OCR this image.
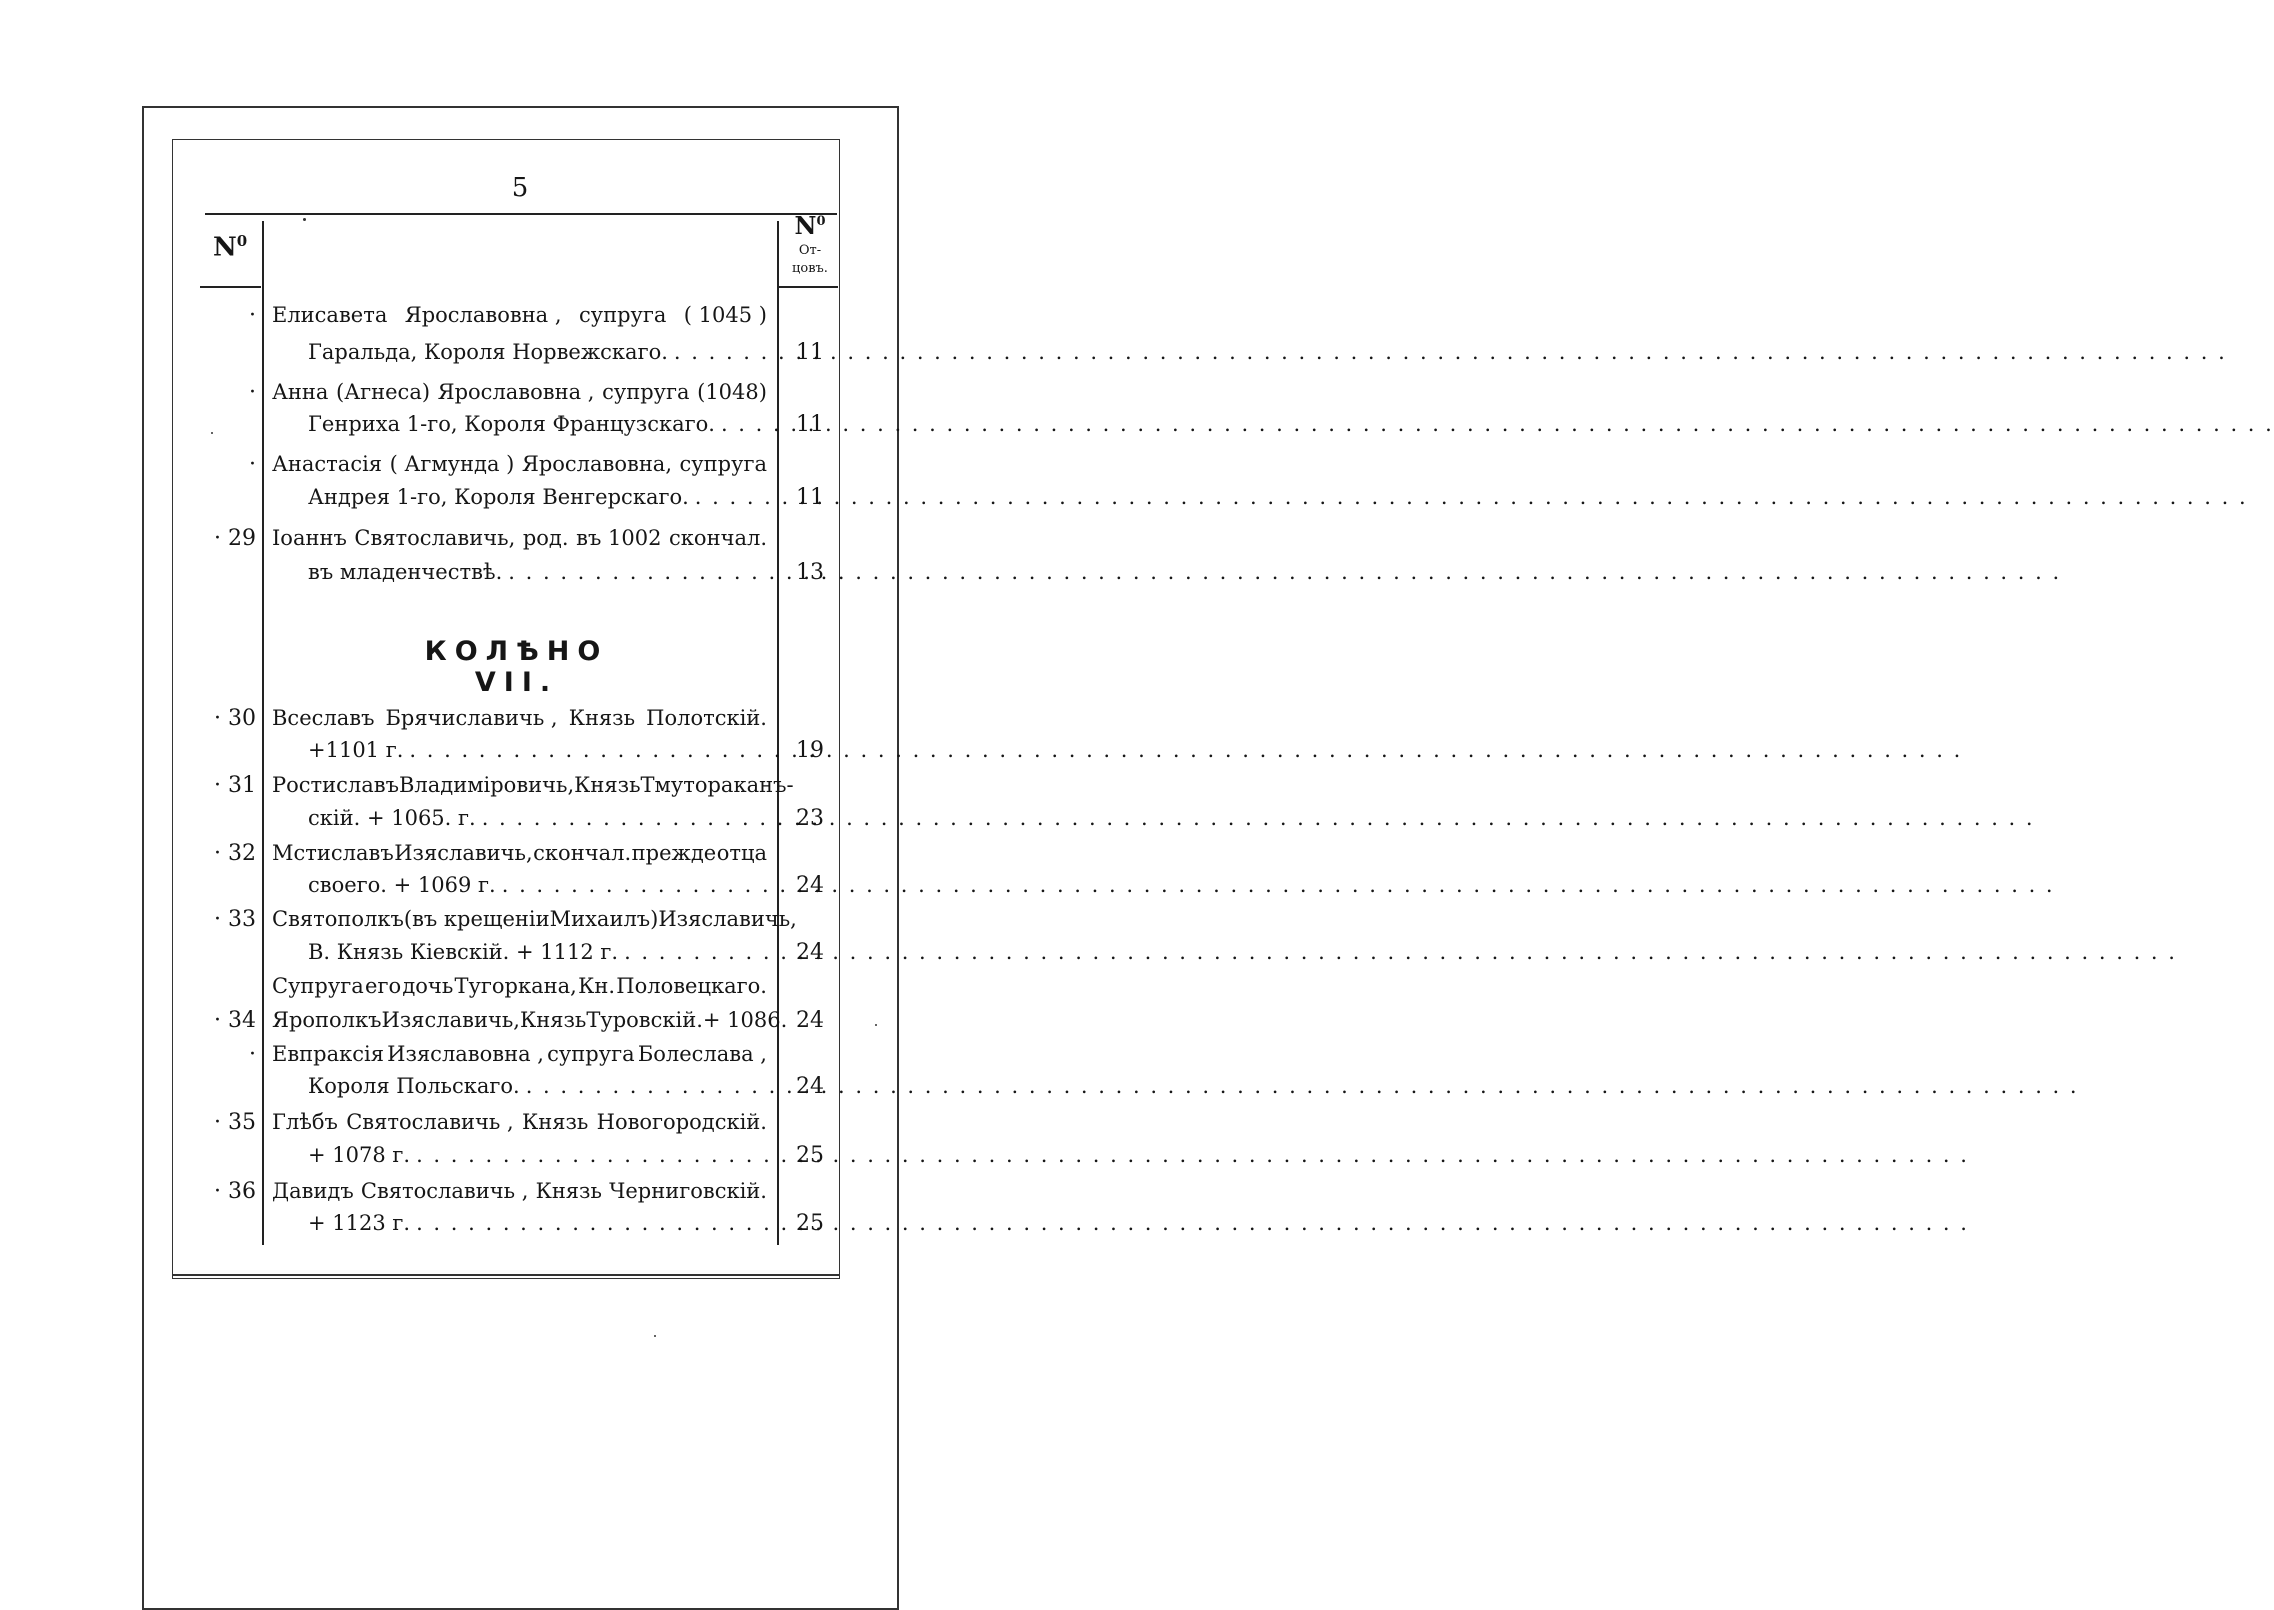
5
$N^0$
$N^0$
От-
цовъ.
· Елисавета Ярославовна , супруга ( 1045 )
Гаральда, Короля Норвежскаго. . . .	11
· Анна (Агнеса) Ярославовна , супруга (1048)
Генриха 1-го, Короля Французскаго. . . .	11
· Анастасія ( Агмунда ) Ярославовна, супруга
Андрея 1-го, Короля Венгерскаго. . . .	11
· 29 Іоаннъ Святославичь, род. въ 1002 скончал.
въ младенчествѣ. . . .	13
· 30 Всеславъ Брячиславичь , Князь Полотскій.
+1101 г. . . .	19
· 31 Ростиславъ Владиміровичь, Князь Тмутораканъ-
скій. + 1065. г. . . .	23
· 32 Мстиславъ Изяславичь, скончал. прежде отца
своего. + 1069 г. . . .	24
· 33 Святополкъ (въ крещеніи Михаилъ) Изяславичь,
В. Князь Кіевскій. + 1112 г. . . .	24
Супруга его дочь Тугоркана, Кн. Половецкаго.
· 34 Ярополкъ Изяславичь, Князь Туровскій. + 1086. 24
· Евпраксія Изяславовна , супруга Болеслава ,
Короля Польскаго. . . .	24
· 35 Глѣбъ Святославичь , Князь Новогородскій.
+ 1078 г. . . .	25
· 36 Давидъ Святославичь , Князь Черниговскій.
+ 1123 г. . . .	25
КОЛѢНО VII.
